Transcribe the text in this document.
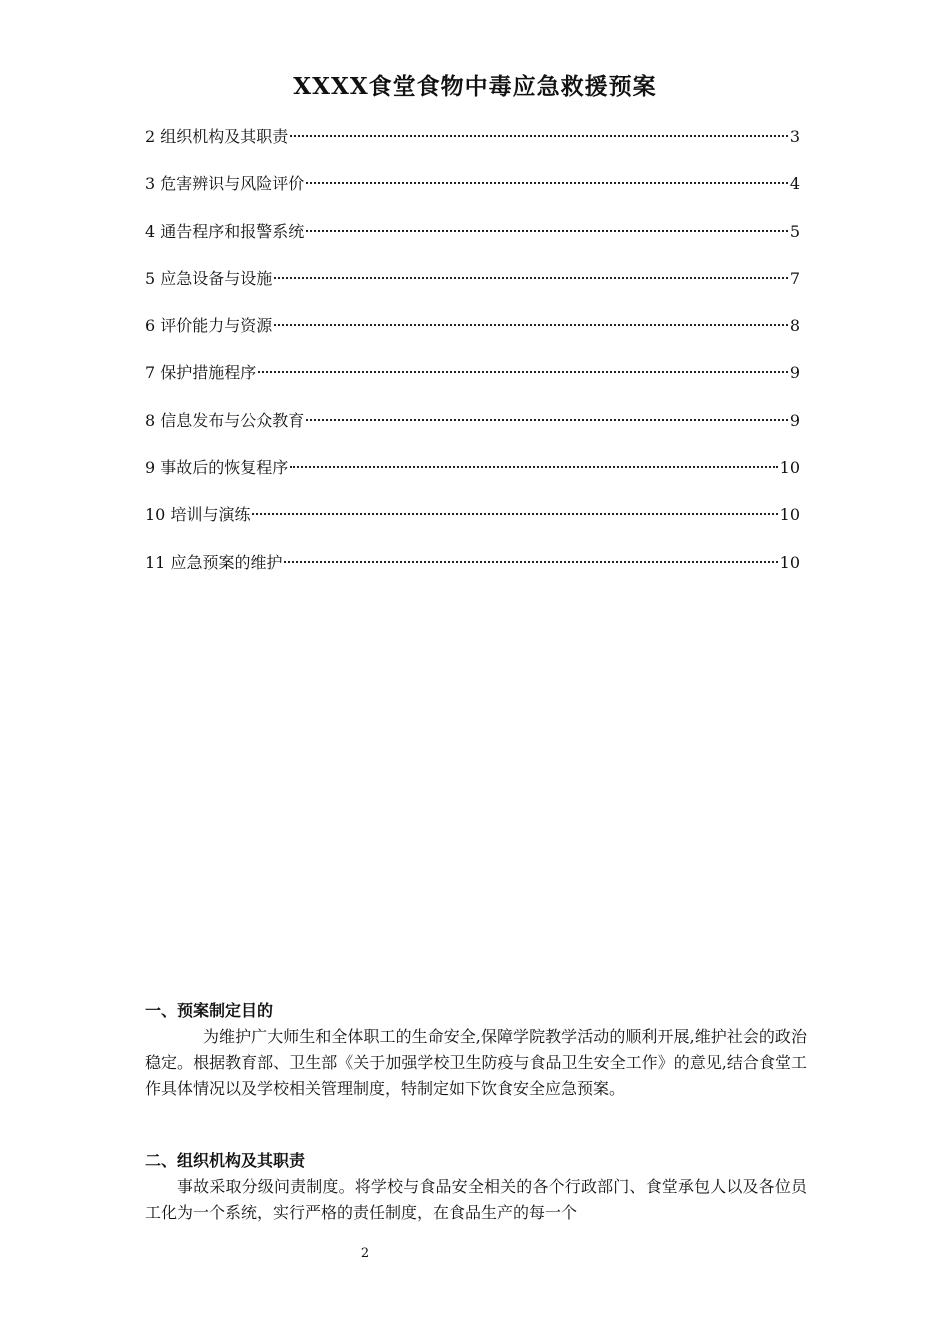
XXXX食堂食物中毒应急救援预案
2 组织机构及其职责	3
3 危害辨识与风险评价	4
4 通告程序和报警系统	5
5 应急设备与设施	7
6 评价能力与资源	8
7 保护措施程序	9
8 信息发布与公众教育	9
9 事故后的恢复程序	10
10 培训与演练	10
11 应急预案的维护	10
一、预案制定目的
为维护广大师生和全体职工的生命安全,保障学院教学活动的顺利开展,维护社会的政治稳定。根据教育部、卫生部《关于加强学校卫生防疫与食品卫生安全工作》的意见,结合食堂工作具体情况以及学校相关管理制度，特制定如下饮食安全应急预案。
二、组织机构及其职责
事故采取分级问责制度。将学校与食品安全相关的各个行政部门、食堂承包人以及各位员工化为一个系统，实行严格的责任制度，在食品生产的每一个
2
